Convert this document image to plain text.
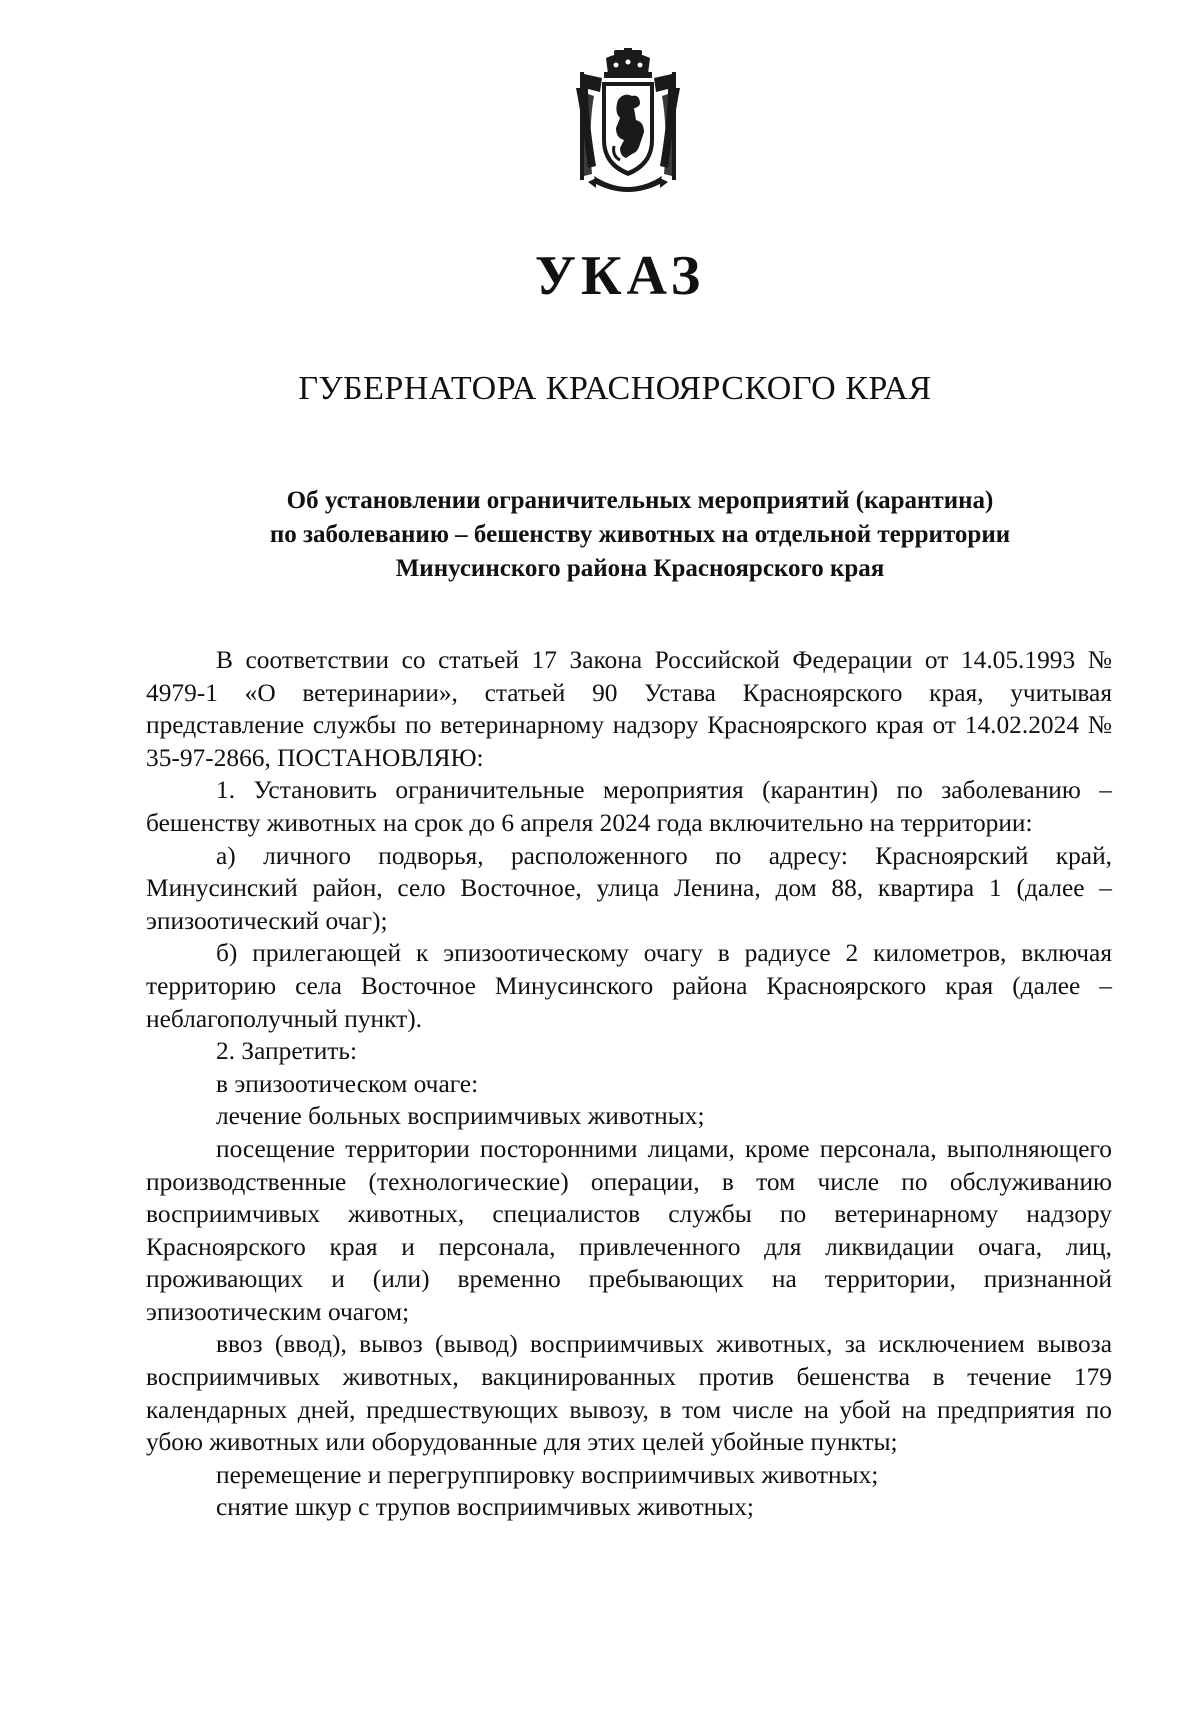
УКАЗ
ГУБЕРНАТОРА КРАСНОЯРСКОГО КРАЯ
Об установлении ограничительных мероприятий (карантина)
по заболеванию – бешенству животных на отдельной территории
Минусинского района Красноярского края

В соответствии со статьей 17 Закона Российской Федерации от 14.05.1993 № 4979-1 «О ветеринарии», статьей 90 Устава Красноярского края, учитывая представление службы по ветеринарному надзору Красноярского края от 14.02.2024 № 35-97-2866, ПОСТАНОВЛЯЮ:

1. Установить ограничительные мероприятия (карантин) по заболеванию – бешенству животных на срок до 6 апреля 2024 года включительно на территории:

а) личного подворья, расположенного по адресу: Красноярский край, Минусинский район, село Восточное, улица Ленина, дом 88, квартира 1 (далее – эпизоотический очаг);

б) прилегающей к эпизоотическому очагу в радиусе 2 километров, включая территорию села Восточное Минусинского района Красноярского края (далее – неблагополучный пункт).

2. Запретить:

в эпизоотическом очаге:

лечение больных восприимчивых животных;

посещение территории посторонними лицами, кроме персонала, выполняющего производственные (технологические) операции, в том числе по обслуживанию восприимчивых животных, специалистов службы по ветеринарному надзору Красноярского края и персонала, привлеченного для ликвидации очага, лиц, проживающих и (или) временно пребывающих на территории, признанной эпизоотическим очагом;

ввоз (ввод), вывоз (вывод) восприимчивых животных, за исключением вывоза восприимчивых животных, вакцинированных против бешенства в течение 179 календарных дней, предшествующих вывозу, в том числе на убой на предприятия по убою животных или оборудованные для этих целей убойные пункты;

перемещение и перегруппировку восприимчивых животных;

снятие шкур с трупов восприимчивых животных;
